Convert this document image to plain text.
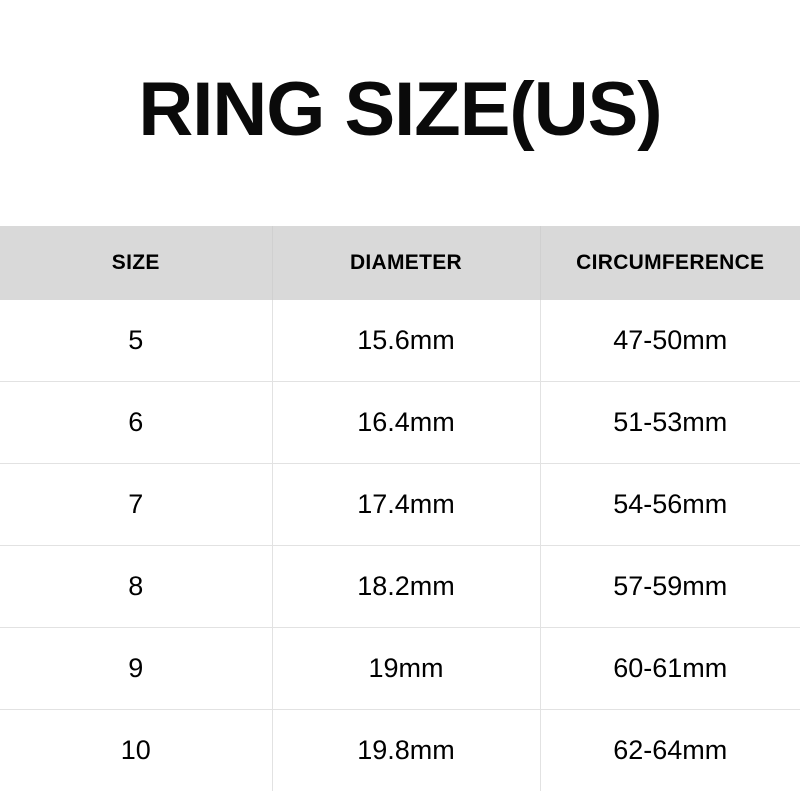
RING SIZE(US)
SIZE	DIAMETER	CIRCUMFERENCE
5	15.6mm	47-50mm
6	16.4mm	51-53mm
7	17.4mm	54-56mm
8	18.2mm	57-59mm
9	19mm	60-61mm
10	19.8mm	62-64mm
